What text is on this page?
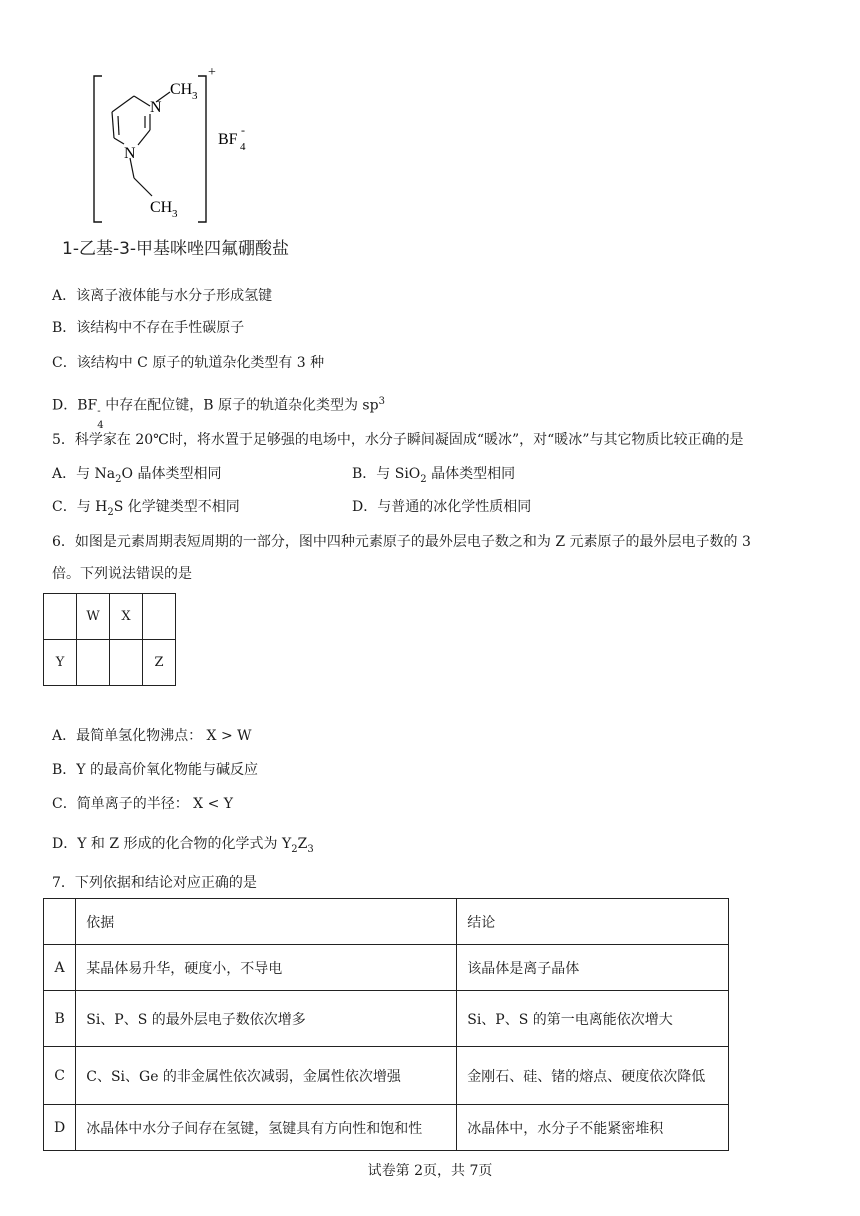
N
N
CH 3
CH 3
+
BF 4
-
1-乙基-3-甲基咪唑四氟硼酸盐
A．该离子液体能与水分子形成氢键
B．该结构中不存在手性碳原子
C．该结构中 C 原子的轨道杂化类型有 3 种
D．BF -
4
中存在配位键，B 原子的轨道杂化类型为 $sp^3$
5．科学家在 20℃时，将水置于足够强的电场中，水分子瞬间凝固成“暖冰”，对“暖冰”与其它物质比较正确的是
A．与 $Na_2O$ 晶体类型相同	B．与 SiO$_2$ 晶体类型相同
C．与 $H_2S$ 化学键类型不相同	D．与普通的冰化学性质相同
6．如图是元素周期表短周期的一部分，图中四种元素原子的最外层电子数之和为 Z 元素原子的最外层电子数的 3
倍。下列说法错误的是
	W	X	
Y			Z
A．最简单氢化物沸点： X > W
B．Y 的最高价氧化物能与碱反应
C．简单离子的半径： X < Y
D．Y 和 Z 形成的化合物的化学式为 $Y_2Z_3$
7．下列依据和结论对应正确的是
	依据	结论
A	某晶体易升华，硬度小，不导电	该晶体是离子晶体
B	Si、P、S 的最外层电子数依次增多	Si、P、S 的第一电离能依次增大
C	C、Si、Ge 的非金属性依次减弱，金属性依次增强	金刚石、硅、锗的熔点、硬度依次降低
D	冰晶体中水分子间存在氢键，氢键具有方向性和饱和性	冰晶体中，水分子不能紧密堆积
试卷第 2页，共 7页
